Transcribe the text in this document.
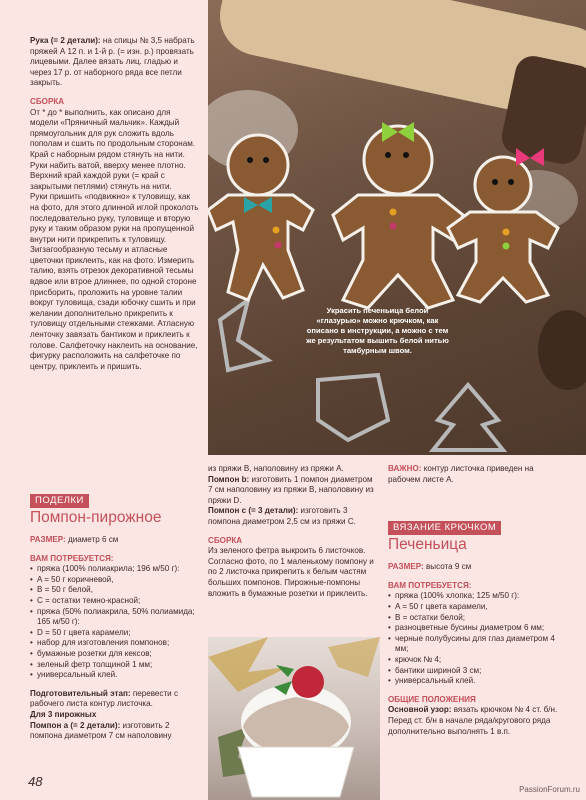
Украсить печеньица белой «глазурью» можно крючком, как описано в инструкции, а можно с тем же результатом вышить белой нитью тамбурным швом.

Рука (= 2 детали): на спицы № 3,5 набрать пряжей А 12 п. и 1-й р. (= изн. р.) провязать лицевыми. Далее вязать лиц. гладью и через 17 р. от наборного ряда все петли закрыть.

СБОРКА

От * до * выполнить, как описано для модели «Пряничный мальчик». Каждый прямоугольник для рук сложить вдоль пополам и сшить по продольным сторонам. Край с наборным рядом стянуть на нити. Руки набить ватой, вверху менее плотно. Верхний край каждой руки (= край с закрытыми петлями) стянуть на нити.

Руки пришить «подвижно» к туловищу, как на фото, для этого длинной иглой проколоть последовательно руку, туловище и вторую руку и таким образом руки на пропущенной внутри нити прикрепить к туловищу.

Зигзагообразную тесьму и атласные цветочки приклеить, как на фото. Измерить талию, взять отрезок декоративной тесьмы вдвое или втрое длиннее, по одной стороне присборить, проложить на уровне талии вокруг туловища, сзади юбочку сшить и при желании дополнительно прикрепить к туловищу отдельными стежками. Атласную ленточку завязать бантиком и приклеить к голове. Салфеточку наклеить на основание, фигурку расположить на салфеточке по центру, приклеить и пришить.

ПОДЕЛКИ

Помпон-пирожное

РАЗМЕР: диаметр 6 см

ВАМ ПОТРЕБУЕТСЯ:

• пряжа (100% полиакрила; 196 м/50 г):
• A = 50 г коричневой,
• B = 50 г белой,
• C = остатки темно-красной;
• пряжа (50% полиакрила, 50% полиамида; 165 м/50 г):
• D = 50 г цвета карамели;
• набор для изготовления помпонов;
• бумажные розетки для кексов;
• зеленый фетр толщиной 1 мм;
• универсальный клей.

Подготовительный этап: перевести с рабочего листа контур листочка.

Для 3 пирожных

Помпон а (= 2 детали): изготовить 2 помпона диаметром 7 см наполовину

из пряжи B, наполовину из пряжи A.

Помпон b: изготовить 1 помпон диаметром 7 см наполовину из пряжи B, наполовину из пряжи D.

Помпон c (= 3 детали): изготовить 3 помпона диаметром 2,5 см из пряжи C.

СБОРКА

Из зеленого фетра выкроить 6 листочков. Согласно фото, по 1 маленькому помпону и по 2 листочка прикрепить к белым частям больших помпонов. Пирожные-помпоны вложить в бумажные розетки и приклеить.

ВАЖНО: контур листочка приведен на рабочем листе А.

ВЯЗАНИЕ КРЮЧКОМ

Печеньица

РАЗМЕР: высота 9 см

ВАМ ПОТРЕБУЕТСЯ:

• пряжа (100% хлопка; 125 м/50 г):
• A = 50 г цвета карамели,
• B = остатки белой;
• разноцветные бусины диаметром 6 мм;
• черные полубусины для глаз диаметром 4 мм;
• крючок № 4;
• бантики шириной 3 см;
• универсальный клей.

ОБЩИЕ ПОЛОЖЕНИЯ

Основной узор: вязать крючком № 4 ст. б/н. Перед ст. б/н в начале ряда/кругового ряда дополнительно выполнять 1 в.п.

48
PassionForum.ru
